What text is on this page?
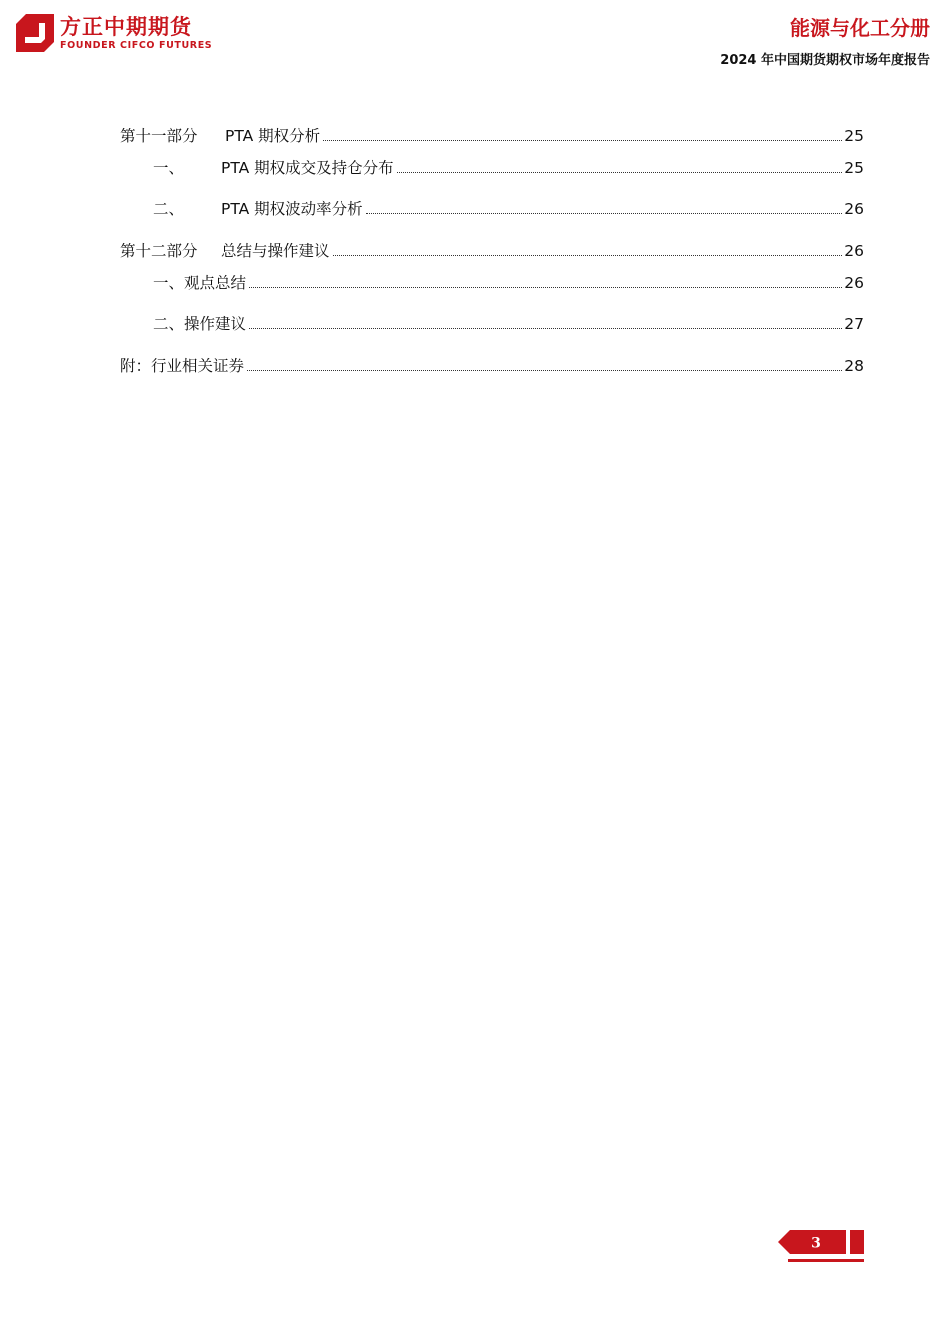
方正中期期货
FOUNDER CIFCO FUTURES
能源与化工分册
2024 年中国期货期权市场年度报告
第十一部分	PTA 期权分析	25
一、	PTA 期权成交及持仓分布	25
二、	PTA 期权波动率分析	26
第十二部分	总结与操作建议	26
一、 观点总结	26
二、 操作建议	27
附： 行业相关证券	28
3
